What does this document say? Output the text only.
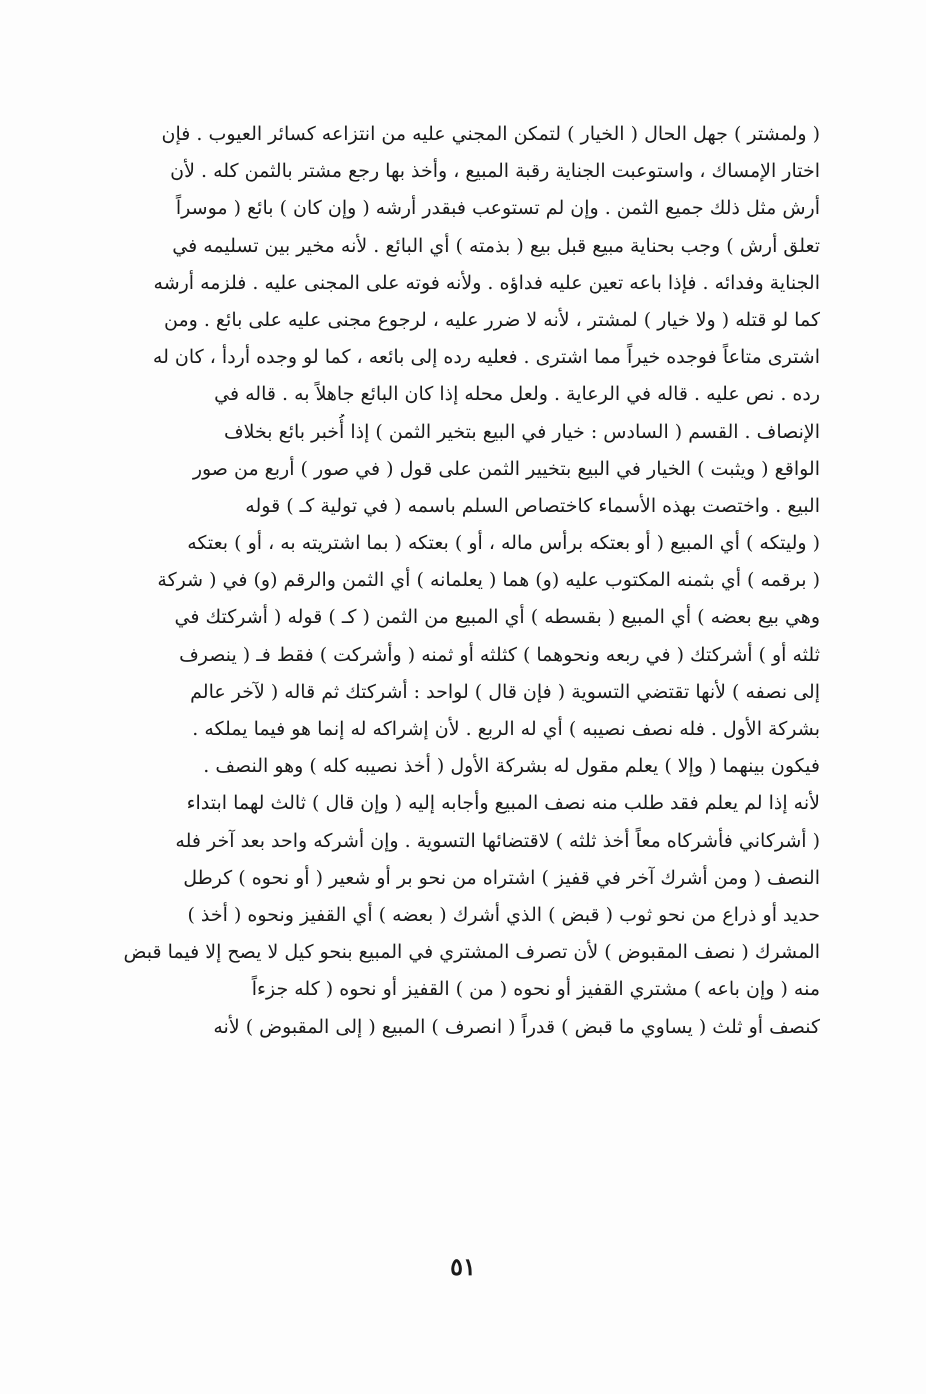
( ولمشتر ) جهل الحال ( الخيار ) لتمكن المجني عليه من انتزاعه كسائر العيوب . فإن
اختار الإمساك ، واستوعبت الجناية رقبة المبيع ، وأخذ بها رجع مشتر بالثمن كله . لأن
أرش مثل ذلك جميع الثمن . وإن لم تستوعب فبقدر أرشه ( وإن كان ) بائع ( موسراً
تعلق أرش ) وجب بحناية مبيع قبل بيع ( بذمته ) أي البائع . لأنه مخير بين تسليمه في
الجناية وفدائه . فإذا باعه تعين عليه فداؤه . ولأنه فوته على المجنى عليه . فلزمه أرشه
كما لو قتله ( ولا خيار ) لمشتر ، لأنه لا ضرر عليه ، لرجوع مجنى عليه على بائع . ومن
اشترى متاعاً فوجده خيراً مما اشترى . فعليه رده إلى بائعه ، كما لو وجده أردأ ، كان له
رده . نص عليه . قاله في الرعاية . ولعل محله إذا كان البائع جاهلاً به . قاله في
الإنصاف . القسم ( السادس : خيار في البيع بتخير الثمن ) إذا أُخبر بائع بخلاف
الواقع ( ويثبت ) الخيار في البيع بتخيير الثمن على قول ( في صور ) أربع من صور
البيع . واختصت بهذه الأسماء كاختصاص السلم باسمه ( في تولية كـ ) قوله
( وليتكه ) أي المبيع ( أو بعتكه برأس ماله ، أو ) بعتكه ( بما اشتريته به ، أو ) بعتكه
( برقمه ) أي بثمنه المكتوب عليه (و) هما ( يعلمانه ) أي الثمن والرقم (و) في ( شركة
وهي بيع بعضه ) أي المبيع ( بقسطه ) أي المبيع من الثمن ( كـ ) قوله ( أشركتك في
ثلثه أو ) أشركتك ( في ربعه ونحوهما ) كثلثه أو ثمنه ( وأشركت ) فقط فـ ( ينصرف
إلى نصفه ) لأنها تقتضي التسوية ( فإن قال ) لواحد : أشركتك ثم قاله ( لآخر عالم
بشركة الأول . فله نصف نصيبه ) أي له الربع . لأن إشراكه له إنما هو فيما يملكه .
فيكون بينهما ( وإلا ) يعلم مقول له بشركة الأول ( أخذ نصيبه كله ) وهو النصف .
لأنه إذا لم يعلم فقد طلب منه نصف المبيع وأجابه إليه ( وإن قال ) ثالث لهما ابتداء
( أشركاني فأشركاه معاً أخذ ثلثه ) لاقتضائها التسوية . وإن أشركه واحد بعد آخر فله
النصف ( ومن أشرك آخر في قفيز ) اشتراه من نحو بر أو شعير ( أو نحوه ) كرطل
حديد أو ذراع من نحو ثوب ( قبض ) الذي أشرك ( بعضه ) أي القفيز ونحوه ( أخذ )
المشرك ( نصف المقبوض ) لأن تصرف المشتري في المبيع بنحو كيل لا يصح إلا فيما قبض
منه ( وإن باعه ) مشتري القفيز أو نحوه ( من ) القفيز أو نحوه ( كله جزءاً
كنصف أو ثلث ( يساوي ما قبض ) قدراً ( انصرف ) المبيع ( إلى المقبوض ) لأنه
٥١
